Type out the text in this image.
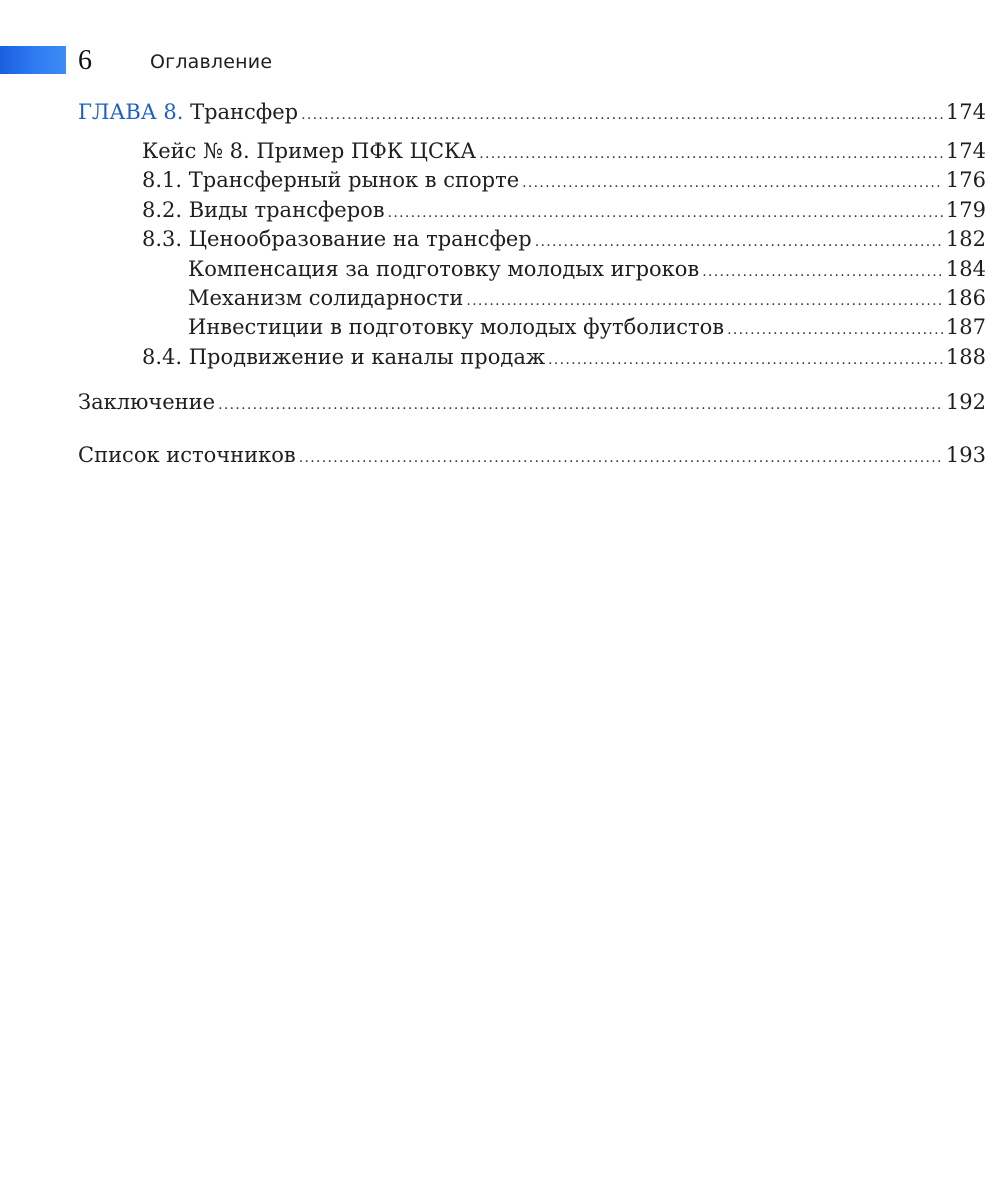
6	Оглавление
ГЛАВА 8. Трансфер .....	174
Кейс № 8. Пример ПФК ЦСКА .....	174
8.1. Трансферный рынок в спорте .....	176
8.2. Виды трансферов .....	179
8.3. Ценообразование на трансфер .....	182
Компенсация за подготовку молодых игроков .....	184
Механизм солидарности .....	186
Инвестиции в подготовку молодых футболистов .....	187
8.4. Продвижение и каналы продаж .....	188
Заключение .....	192
Список источников .....	193
